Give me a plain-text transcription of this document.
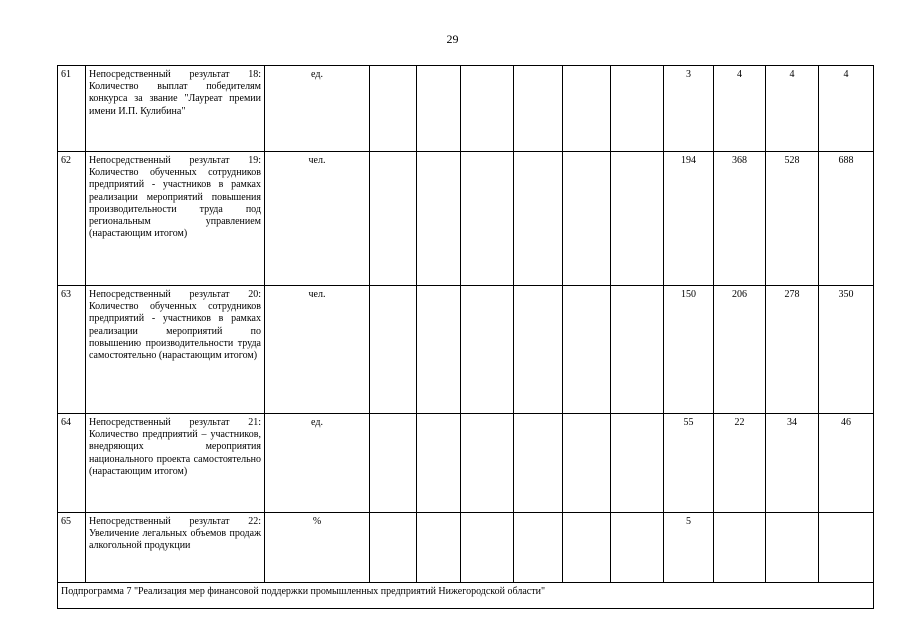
29
61	Непосредственный результат 18: Количество выплат победителям конкурса за звание "Лауреат премии имени И.П. Кулибина"	ед.							3	4	4	4
62	Непосредственный результат 19: Количество обученных сотрудников предприятий - участников в рамках реализации мероприятий повышения производительности труда под региональным управлением (нарастающим итогом)	чел.							194	368	528	688
63	Непосредственный результат 20: Количество обученных сотрудников предприятий - участников в рамках реализации мероприятий по повышению производительности труда самостоятельно (нарастающим итогом)	чел.							150	206	278	350
64	Непосредственный результат 21: Количество предприятий – участников, внедряющих мероприятия национального проекта самостоятельно (нарастающим итогом)	ед.							55	22	34	46
65	Непосредственный результат 22: Увеличение легальных объемов продаж алкогольной продукции	%							5			
Подпрограмма 7 "Реализация мер финансовой поддержки промышленных предприятий Нижегородской области"												
